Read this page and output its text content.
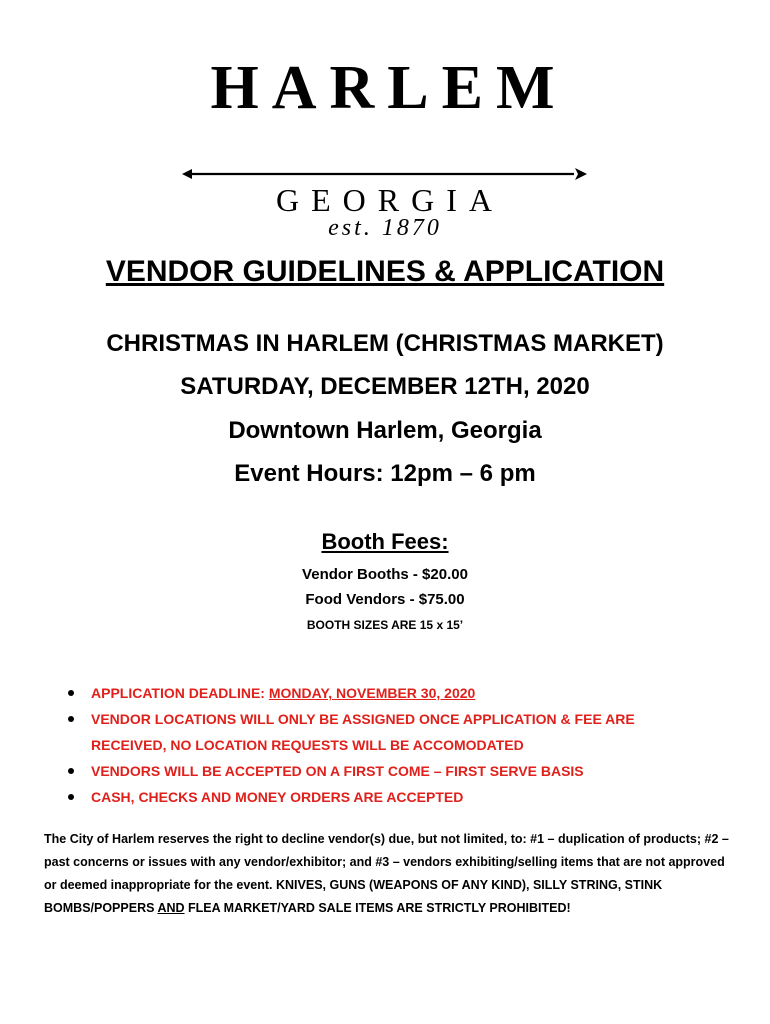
HARLEM
GEORGIA
est. 1870
VENDOR GUIDELINES & APPLICATION
CHRISTMAS IN HARLEM (CHRISTMAS MARKET)
SATURDAY, DECEMBER 12TH, 2020
Downtown Harlem, Georgia
Event Hours: 12pm – 6 pm
Booth Fees:
Vendor Booths - $20.00
Food Vendors - $75.00
BOOTH SIZES ARE 15 x 15’
APPLICATION DEADLINE: MONDAY, NOVEMBER 30, 2020
VENDOR LOCATIONS WILL ONLY BE ASSIGNED ONCE APPLICATION & FEE ARE
RECEIVED, NO LOCATION REQUESTS WILL BE ACCOMODATED
VENDORS WILL BE ACCEPTED ON A FIRST COME – FIRST SERVE BASIS
CASH, CHECKS AND MONEY ORDERS ARE ACCEPTED
The City of Harlem reserves the right to decline vendor(s) due, but not limited, to: #1 – duplication of products; #2 – past concerns or issues with any vendor/exhibitor; and #3 – vendors exhibiting/selling items that are not approved or deemed inappropriate for the event. KNIVES, GUNS (WEAPONS OF ANY KIND), SILLY STRING, STINK BOMBS/POPPERS AND FLEA MARKET/YARD SALE ITEMS ARE STRICTLY PROHIBITED!
